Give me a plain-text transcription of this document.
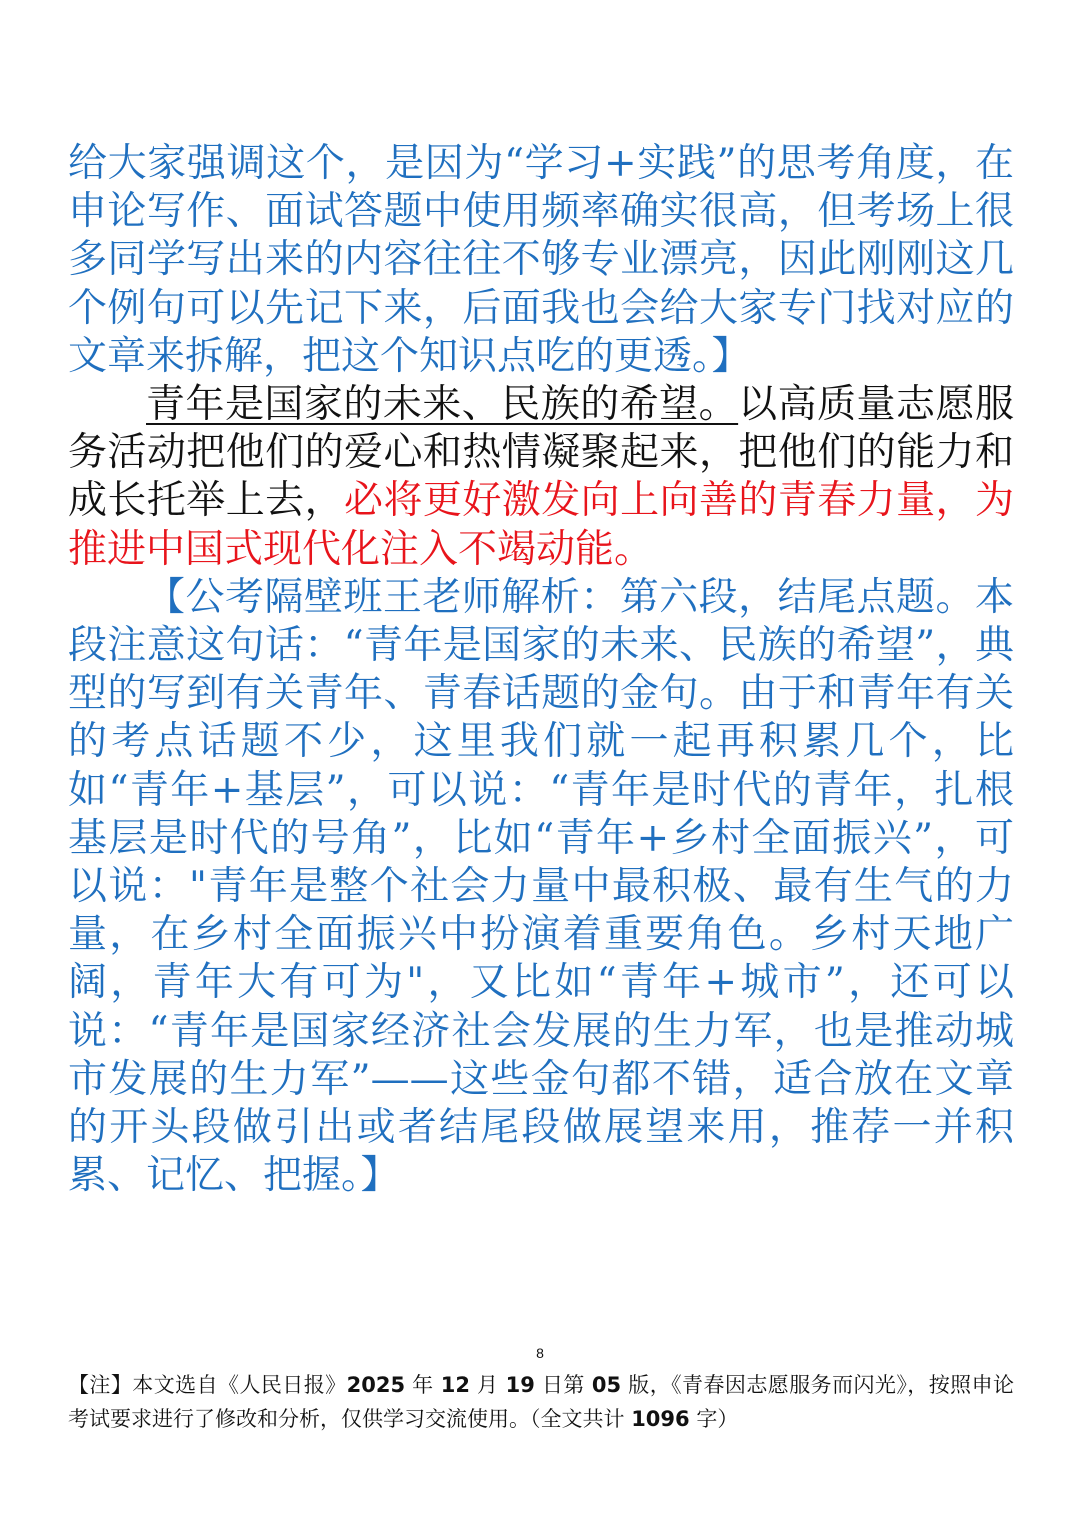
给大家强调这个，是因为“学习+实践”的思考角度，在申论写作、面试答题中使用频率确实很高，但考场上很多同学写出来的内容往往不够专业漂亮，因此刚刚这几个例句可以先记下来，后面我也会给大家专门找对应的文章来拆解，把这个知识点吃的更透。】

青年是国家的未来、民族的希望。以高质量志愿服务活动把他们的爱心和热情凝聚起来，把他们的能力和成长托举上去，必将更好激发向上向善的青春力量，为推进中国式现代化注入不竭动能。

【公考隔壁班王老师解析：第六段，结尾点题。本段注意这句话：“青年是国家的未来、民族的希望”，典型的写到有关青年、青春话题的金句。由于和青年有关的考点话题不少，这里我们就一起再积累几个，比如“青年+基层”，可以说：“青年是时代的青年，扎根基层是时代的号角”，比如“青年+乡村全面振兴”，可以说："青年是整个社会力量中最积极、最有生气的力量，在乡村全面振兴中扮演着重要角色。乡村天地广阔，青年大有可为"，又比如“青年+城市”，还可以说：“青年是国家经济社会发展的生力军，也是推动城市发展的生力军”——这些金句都不错，适合放在文章的开头段做引出或者结尾段做展望来用，推荐一并积累、记忆、把握。】

8
【注】本文选自《人民日报》2025 年 12 月 19 日第 05 版，《青春因志愿服务而闪光》，按照申论考试要求进行了修改和分析，仅供学习交流使用。（全文共计 1096 字）
